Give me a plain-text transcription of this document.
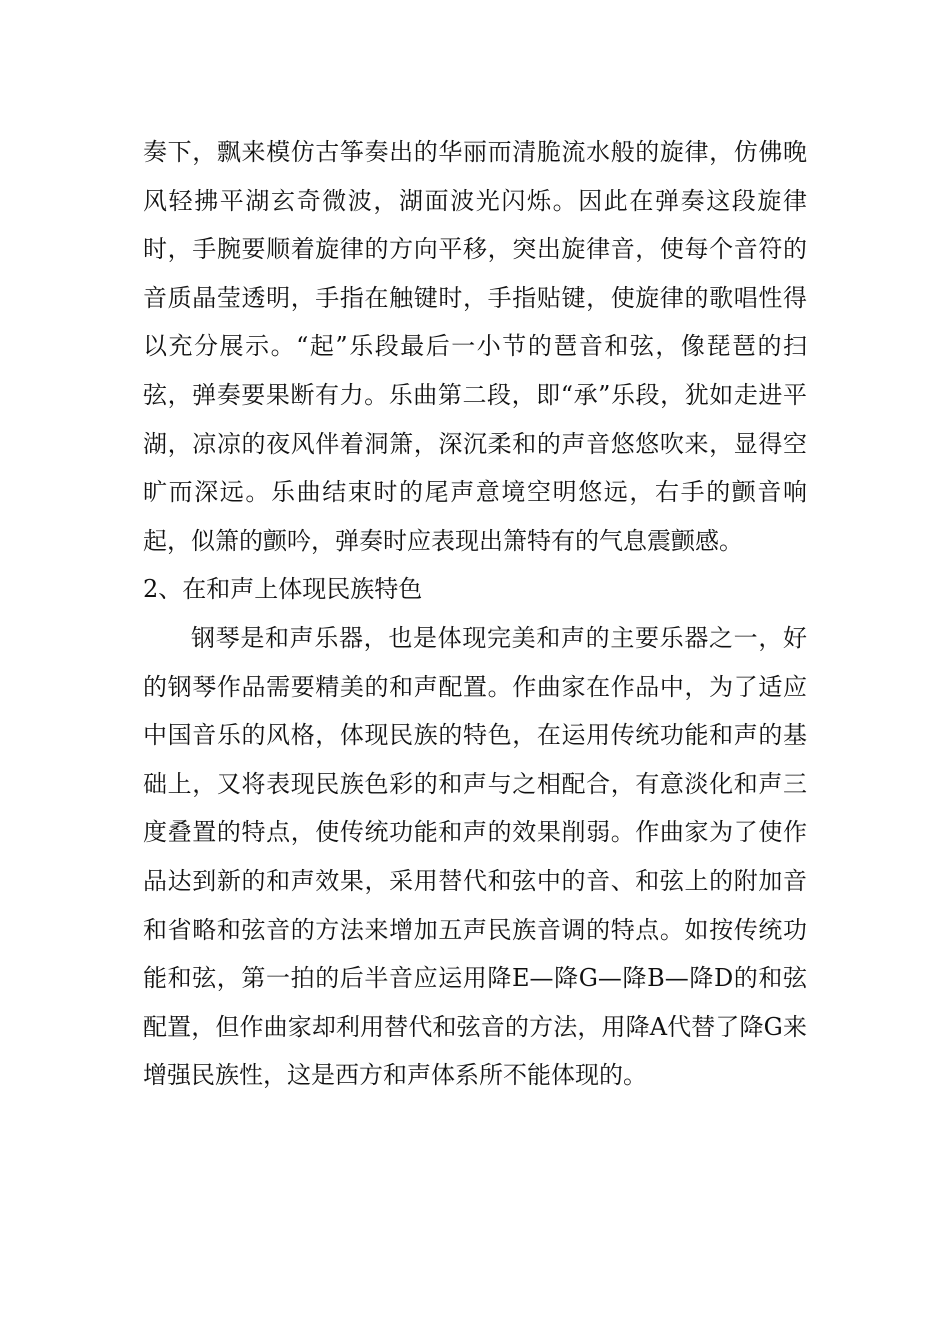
奏下，飘来模仿古筝奏出的华丽而清脆流水般的旋律，仿佛晚风轻拂平湖玄奇微波，湖面波光闪烁。因此在弹奏这段旋律时，手腕要顺着旋律的方向平移，突出旋律音，使每个音符的音质晶莹透明，手指在触键时，手指贴键，使旋律的歌唱性得以充分展示。“起”乐段最后一小节的琶音和弦，像琵琶的扫弦，弹奏要果断有力。乐曲第二段，即“承”乐段，犹如走进平湖，凉凉的夜风伴着洞箫，深沉柔和的声音悠悠吹来，显得空旷而深远。乐曲结束时的尾声意境空明悠远，右手的颤音响起，似箫的颤吟，弹奏时应表现出箫特有的气息震颤感。

2、在和声上体现民族特色

钢琴是和声乐器，也是体现完美和声的主要乐器之一，好的钢琴作品需要精美的和声配置。作曲家在作品中，为了适应中国音乐的风格，体现民族的特色，在运用传统功能和声的基础上，又将表现民族色彩的和声与之相配合，有意淡化和声三度叠置的特点，使传统功能和声的效果削弱。作曲家为了使作品达到新的和声效果，采用替代和弦中的音、和弦上的附加音和省略和弦音的方法来增加五声民族音调的特点。如按传统功能和弦，第一拍的后半音应运用降E—降G—降B—降D的和弦配置，但作曲家却利用替代和弦音的方法，用降A代替了降G来增强民族性，这是西方和声体系所不能体现的。
